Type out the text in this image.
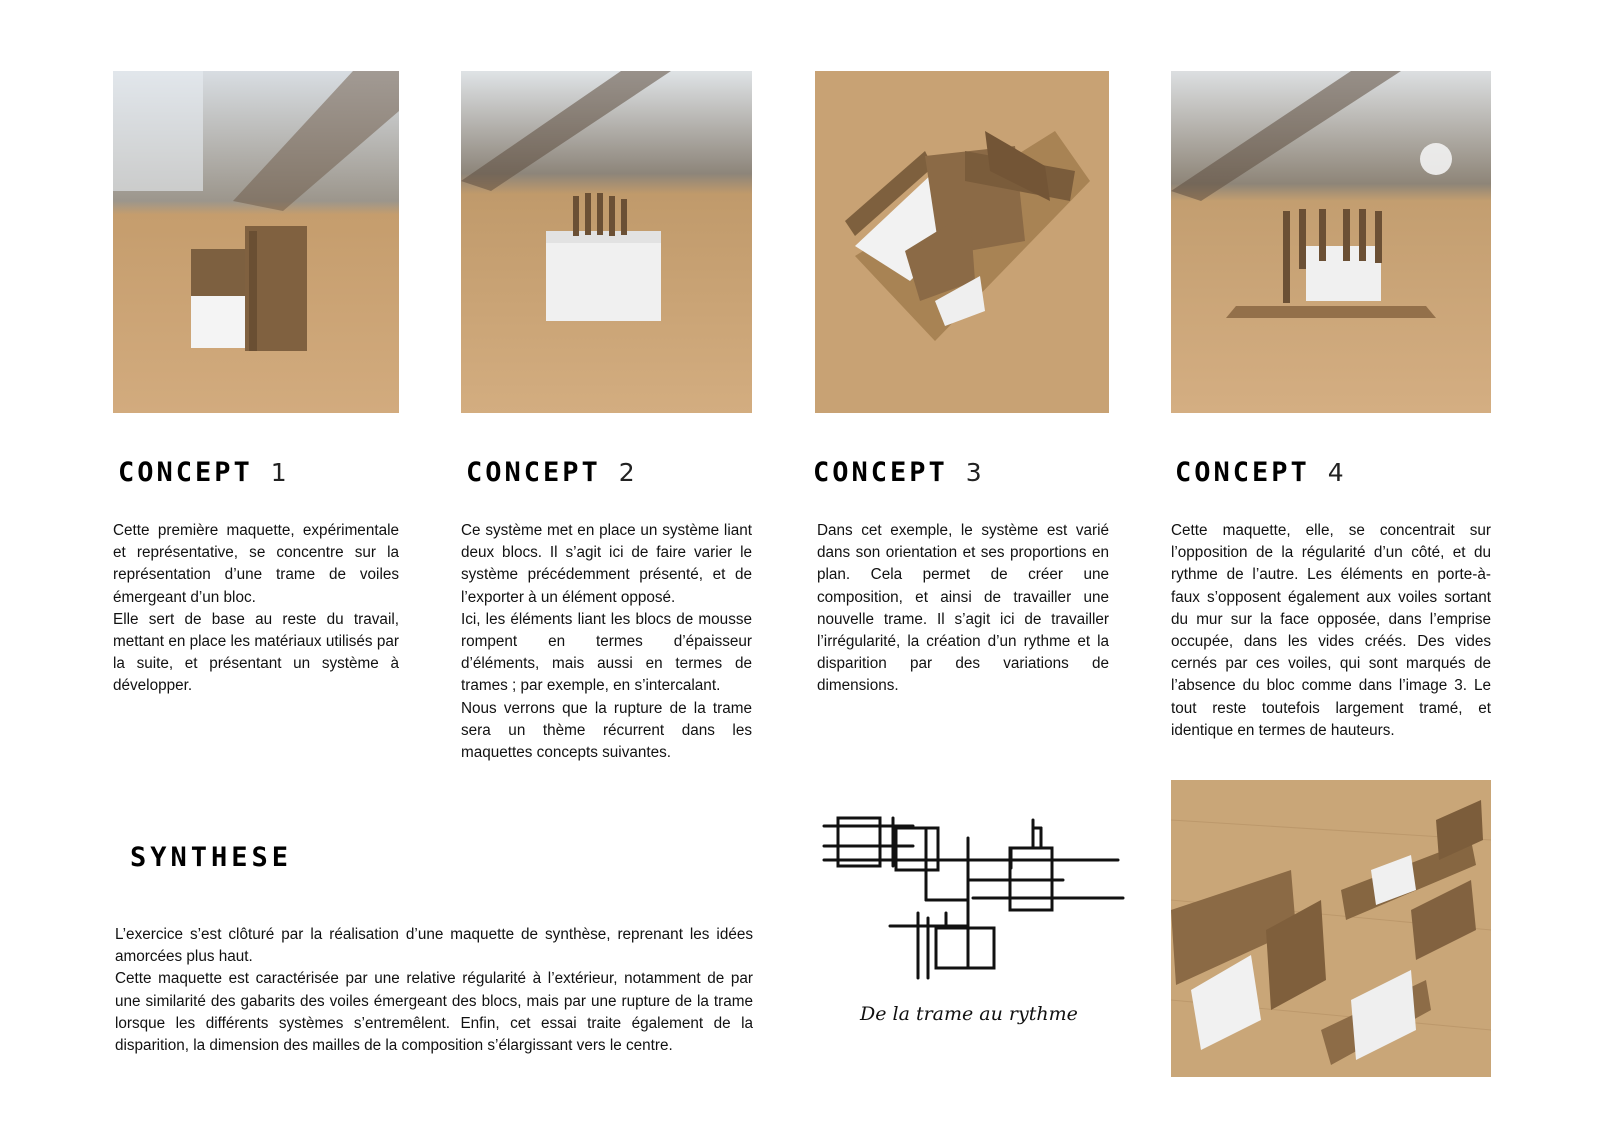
CONCEPT 1	CONCEPT 2	CONCEPT 3	CONCEPT 4

Cette première maquette, expérimentale et représentative, se concentre sur la représentation d’une trame de voiles émergeant d’un bloc.

Elle sert de base au reste du travail, mettant en place les matériaux utilisés par la suite, et présentant un système à développer.

Ce système met en place un système liant deux blocs. Il s’agit ici de faire varier le système précédemment présenté, et de l’exporter à un élément opposé.

Ici, les éléments liant les blocs de mousse rompent en termes d’épaisseur d’éléments, mais aussi en termes de trames ; par exemple, en s’intercalant.

Nous verrons que la rupture de la trame sera un thème récurrent dans les maquettes concepts suivantes.

Dans cet exemple, le système est varié dans son orientation et ses proportions en plan. Cela permet de créer une composition, et ainsi de travailler une nouvelle trame. Il s’agit ici de travailler l’irrégularité, la création d’un rythme et la disparition par des variations de dimensions.

Cette maquette, elle, se concentrait sur l’opposition de la régularité d’un côté, et du rythme de l’autre. Les éléments en porte-à-faux s’opposent également aux voiles sortant du mur sur la face opposée, dans l’emprise occupée, dans les vides créés. Des vides cernés par ces voiles, qui sont marqués de l’absence du bloc comme dans l’image 3. Le tout reste toutefois largement tramé, et identique en termes de hauteurs.

SYNTHESE

L’exercice s’est clôturé par la réalisation d’une maquette de synthèse, reprenant les idées amorcées plus haut.

Cette maquette est caractérisée par une relative régularité à l’extérieur, notamment de par une similarité des gabarits des voiles émergeant des blocs, mais par une rupture de la trame lorsque les différents systèmes s’entremêlent. Enfin, cet essai traite également de la disparition, la dimension des mailles de la composition s’élargissant vers le centre.

De la trame au rythme
